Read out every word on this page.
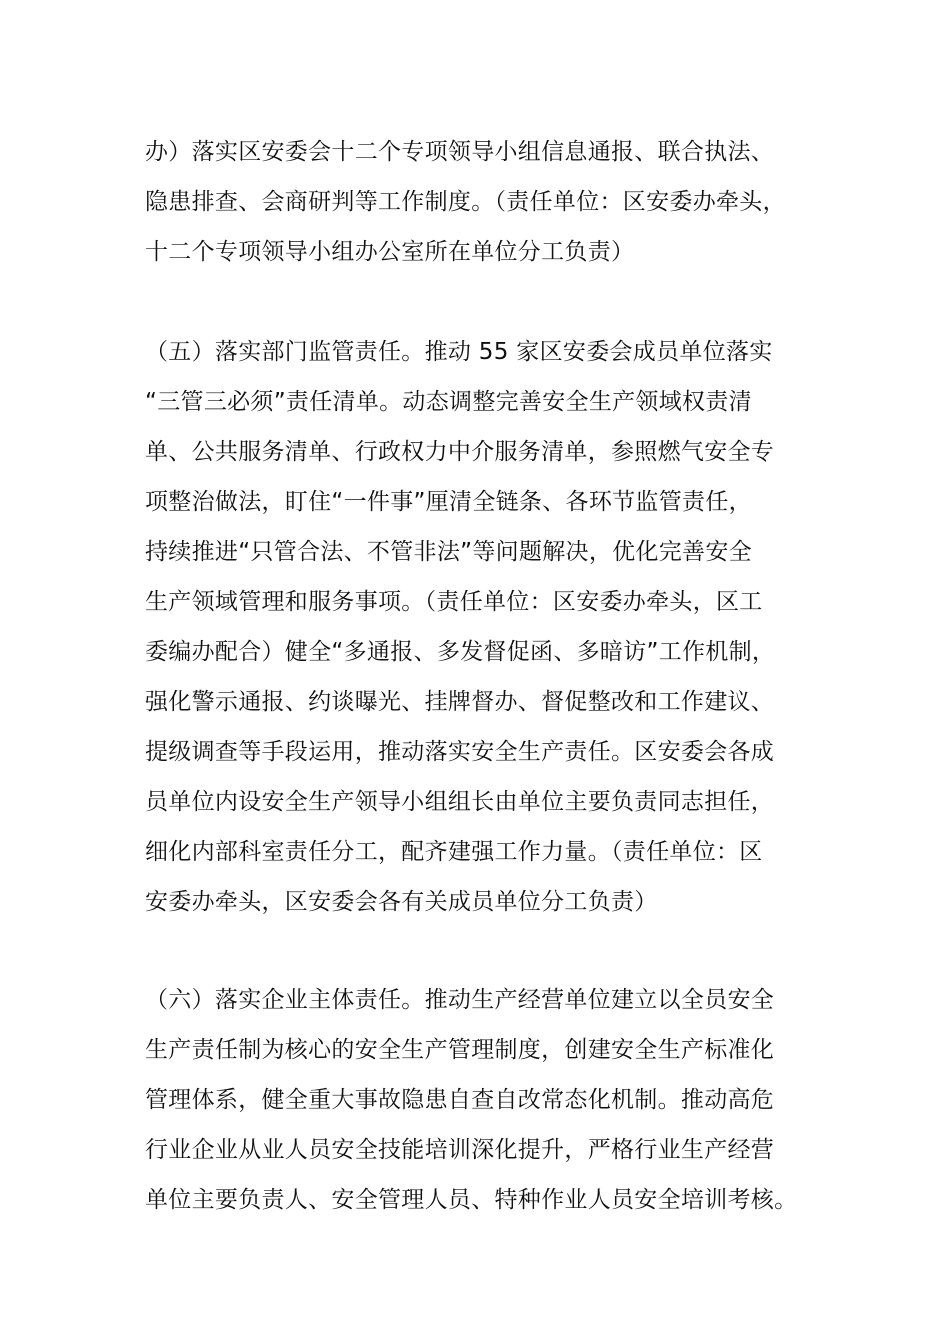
办）落实区安委会十二个专项领导小组信息通报、联合执法、
隐患排查、会商研判等工作制度。（责任单位：区安委办牵头，
十二个专项领导小组办公室所在单位分工负责）
（五）落实部门监管责任。推动 55 家区安委会成员单位落实
“三管三必须”责任清单。动态调整完善安全生产领域权责清
单、公共服务清单、行政权力中介服务清单，参照燃气安全专
项整治做法，盯住“一件事”厘清全链条、各环节监管责任，
持续推进“只管合法、不管非法”等问题解决，优化完善安全
生产领域管理和服务事项。（责任单位：区安委办牵头，区工
委编办配合）健全“多通报、多发督促函、多暗访”工作机制，
强化警示通报、约谈曝光、挂牌督办、督促整改和工作建议、
提级调查等手段运用，推动落实安全生产责任。区安委会各成
员单位内设安全生产领导小组组长由单位主要负责同志担任，
细化内部科室责任分工，配齐建强工作力量。（责任单位：区
安委办牵头，区安委会各有关成员单位分工负责）
（六）落实企业主体责任。推动生产经营单位建立以全员安全
生产责任制为核心的安全生产管理制度，创建安全生产标准化
管理体系，健全重大事故隐患自查自改常态化机制。推动高危
行业企业从业人员安全技能培训深化提升，严格行业生产经营
单位主要负责人、安全管理人员、特种作业人员安全培训考核。
